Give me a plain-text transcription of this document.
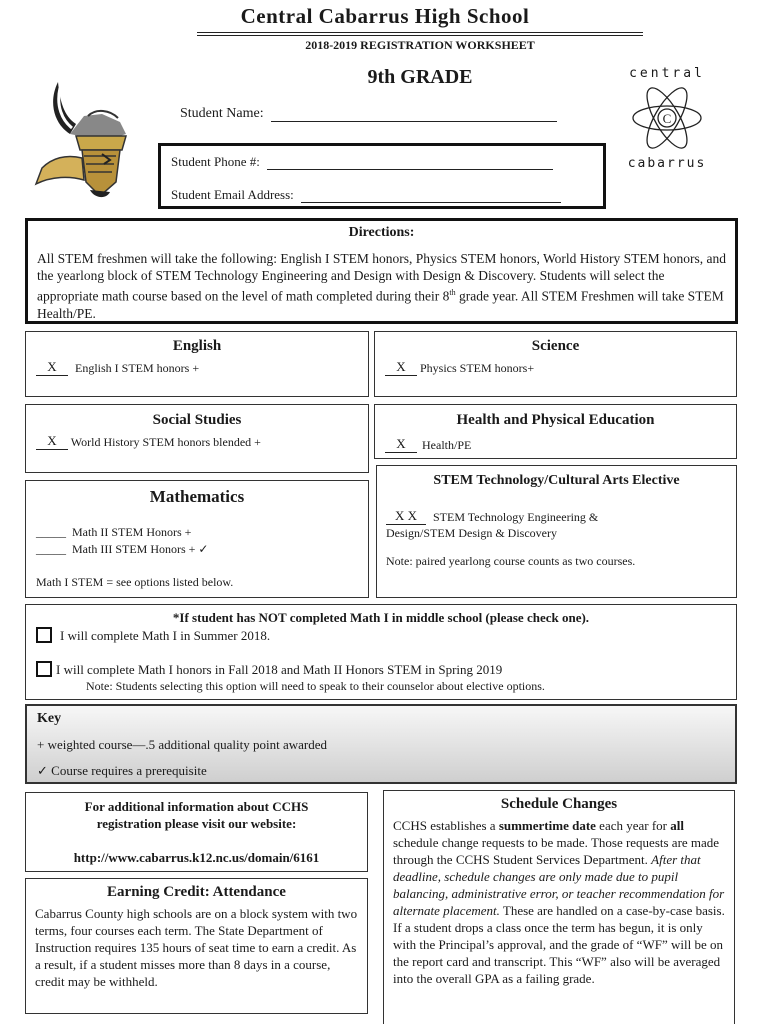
Central Cabarrus High School
2018-2019 REGISTRATION WORKSHEET
9th GRADE
Student Name:
Student Phone #:
Student Email Address:
central
C
cabarrus
Directions:

All STEM freshmen will take the following: English I STEM honors, Physics STEM honors, World History STEM honors, and the yearlong block of STEM Technology Engineering and Design with Design & Discovery. Students will select the appropriate math course based on the level of math completed during their 8th grade year. All STEM Freshmen will take STEM Health/PE.

English
X English I STEM honors +
Science
X Physics STEM honors+
Social Studies
X World History STEM honors blended +
Health and Physical Education
X Health/PE
Mathematics
_____ Math II STEM Honors +
_____ Math III STEM Honors + ✓
Math I STEM = see options listed below.
STEM Technology/Cultural Arts Elective
X X STEM Technology Engineering &
Design/STEM Design & Discovery
Note: paired yearlong course counts as two courses.
*If student has NOT completed Math I in middle school (please check one).
I will complete Math I in Summer 2018.
I will complete Math I honors in Fall 2018 and Math II Honors STEM in Spring 2019
Note: Students selecting this option will need to speak to their counselor about elective options.
Key
+ weighted course—.5 additional quality point awarded
✓ Course requires a prerequisite
For additional information about CCHS
registration please visit our website:
http://www.cabarrus.k12.nc.us/domain/6161
Earning Credit: Attendance

Cabarrus County high schools are on a block system with two terms, four courses each term. The State Department of Instruction requires 135 hours of seat time to earn a credit. As a result, if a student misses more than 8 days in a course, credit may be withheld.

Schedule Changes

CCHS establishes a summertime date each year for all schedule change requests to be made. Those requests are made through the CCHS Student Services Department. After that deadline, schedule changes are only made due to pupil balancing, administrative error, or teacher recommendation for alternate placement. These are handled on a case-by-case basis. If a student drops a class once the term has begun, it is only with the Principal’s approval, and the grade of “WF” will be on the report card and transcript. This “WF” also will be averaged into the overall GPA as a failing grade.
